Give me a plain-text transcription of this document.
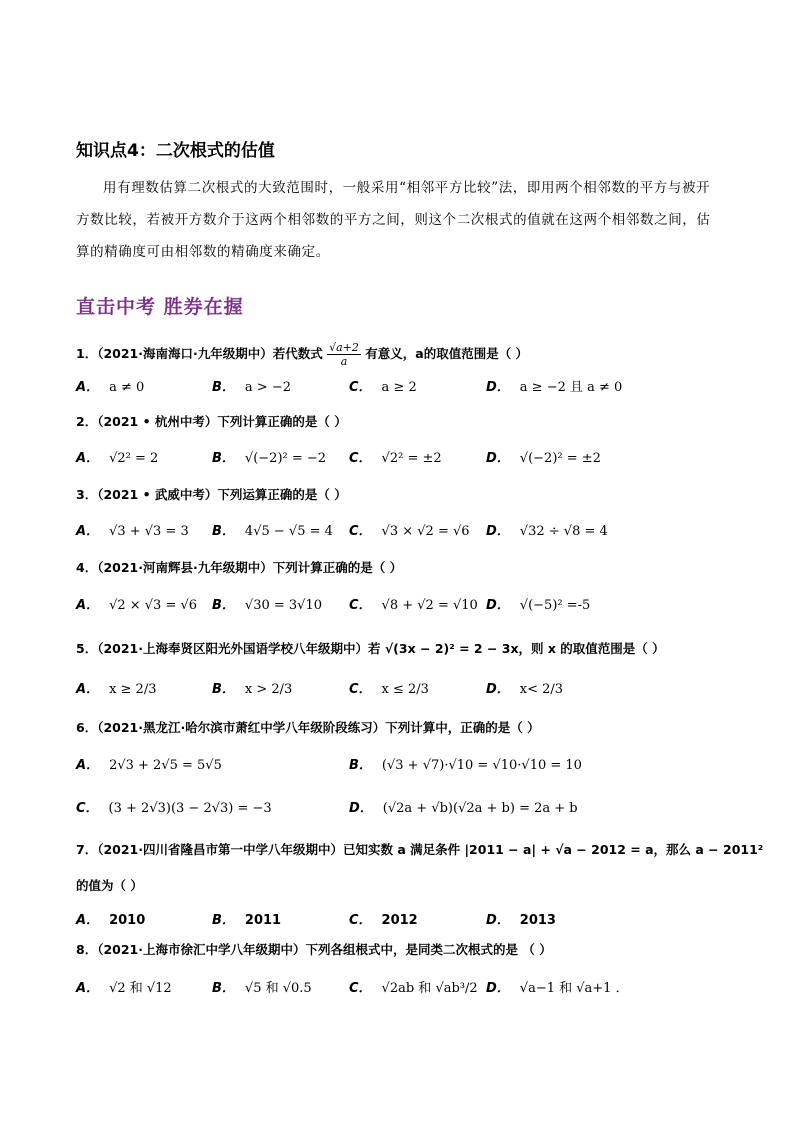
知识点4：二次根式的估值
用有理数估算二次根式的大致范围时，一般采用“相邻平方比较”法，即用两个相邻数的平方与被开方数比较，若被开方数介于这两个相邻数的平方之间，则这个二次根式的值就在这两个相邻数之间，估算的精确度可由相邻数的精确度来确定。
直击中考 胜券在握
1．（2021·海南海口·九年级期中）若代数式 $\frac{√a+2}{a}$ 有意义，a的取值范围是（ ）
A． a ≠ 0	B． a > −2	C． a ≥ 2	D． a ≥ −2 且 a ≠ 0
2．（2021 • 杭州中考）下列计算正确的是（ ）
A． √2² = 2	B． √(−2)² = −2 C． √2² = ±2	D． √(−2)² = ±2
3．（2021 • 武威中考）下列运算正确的是（ ）
A． √3 + √3 = 3 B． 4√5 − √5 = 4 C． √3 × √2 = √6 D． √32 ÷ √8 = 4
4．（2021·河南辉县·九年级期中）下列计算正确的是（ ）
A． √2 × √3 = √6 B． √30 = 3√10 C． √8 + √2 = √10 D． √(−5)² =-5
5．（2021·上海奉贤区阳光外国语学校八年级期中）若 √(3x − 2)² = 2 − 3x，则 x 的取值范围是（ ）
A． x ≥ 2/3	B． x > 2/3	C． x ≤ 2/3	D． x< 2/3
6．（2021·黑龙江·哈尔滨市萧红中学八年级阶段练习）下列计算中，正确的是（ ）
A． 2√3 + 2√5 = 5√5	B． (√3 + √7)·√10 = √10·√10 = 10
C． (3 + 2√3)(3 − 2√3) = −3	D． (√2a + √b)(√2a + b) = 2a + b
7．（2021·四川省隆昌市第一中学八年级期中）已知实数 a 满足条件 |2011 − a| + √a − 2012 = a，那么 a − 2011²
的值为（ ）
A． 2010	B． 2011	C． 2012	D． 2013
8．（2021·上海市徐汇中学八年级期中）下列各组根式中，是同类二次根式的是 （ ）
A． √2 和 √12	B． √5 和 √0.5	C． √2ab 和 √ab³/2 D． √a−1 和 √a+1 ．
